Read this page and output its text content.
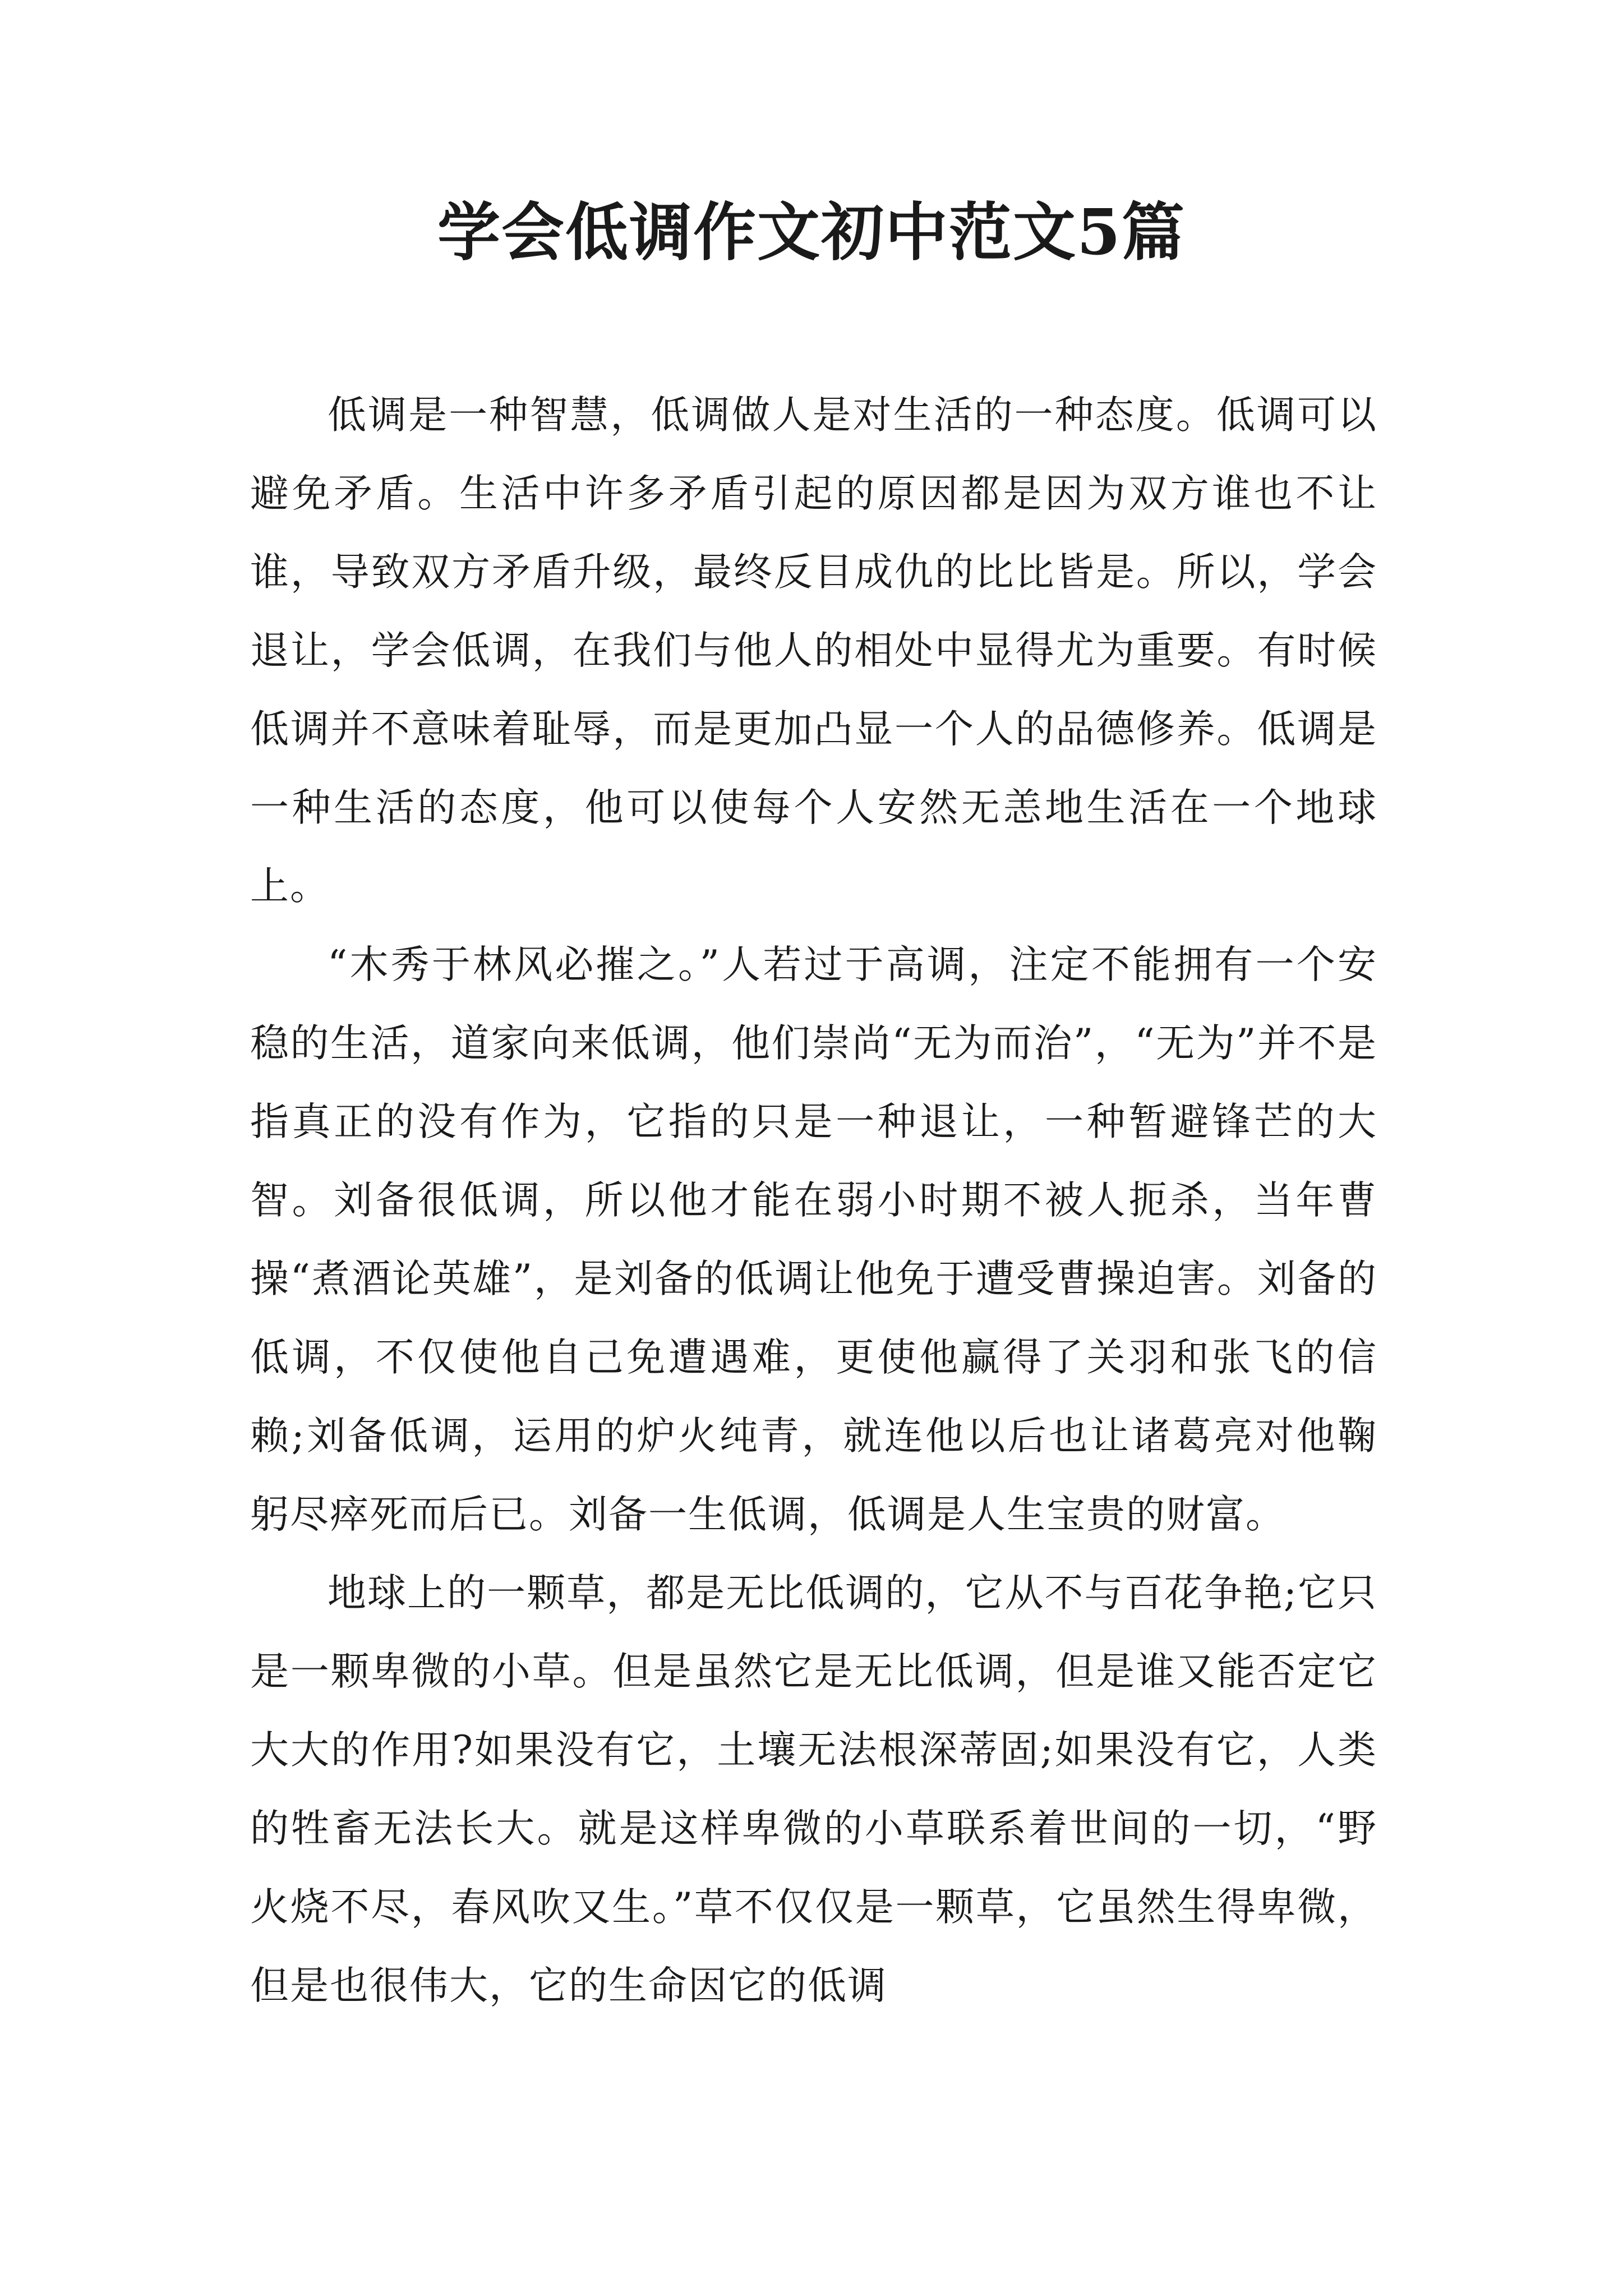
学会低调作文初中范文5篇

低调是一种智慧，低调做人是对生活的一种态度。低调可以避免矛盾。生活中许多矛盾引起的原因都是因为双方谁也不让谁，导致双方矛盾升级，最终反目成仇的比比皆是。所以，学会退让，学会低调，在我们与他人的相处中显得尤为重要。有时候低调并不意味着耻辱，而是更加凸显一个人的品德修养。低调是一种生活的态度，他可以使每个人安然无恙地生活在一个地球上。

“木秀于林风必摧之。”人若过于高调，注定不能拥有一个安稳的生活，道家向来低调，他们崇尚“无为而治”，“无为”并不是指真正的没有作为，它指的只是一种退让，一种暂避锋芒的大智。刘备很低调，所以他才能在弱小时期不被人扼杀，当年曹操“煮酒论英雄”，是刘备的低调让他免于遭受曹操迫害。刘备的低调，不仅使他自己免遭遇难，更使他赢得了关羽和张飞的信赖;刘备低调，运用的炉火纯青，就连他以后也让诸葛亮对他鞠躬尽瘁死而后已。刘备一生低调，低调是人生宝贵的财富。

地球上的一颗草，都是无比低调的，它从不与百花争艳;它只是一颗卑微的小草。但是虽然它是无比低调，但是谁又能否定它大大的作用?如果没有它，土壤无法根深蒂固;如果没有它，人类的牲畜无法长大。就是这样卑微的小草联系着世间的一切，“野火烧不尽，春风吹又生。”草不仅仅是一颗草，它虽然生得卑微，但是也很伟大，它的生命因它的低调
